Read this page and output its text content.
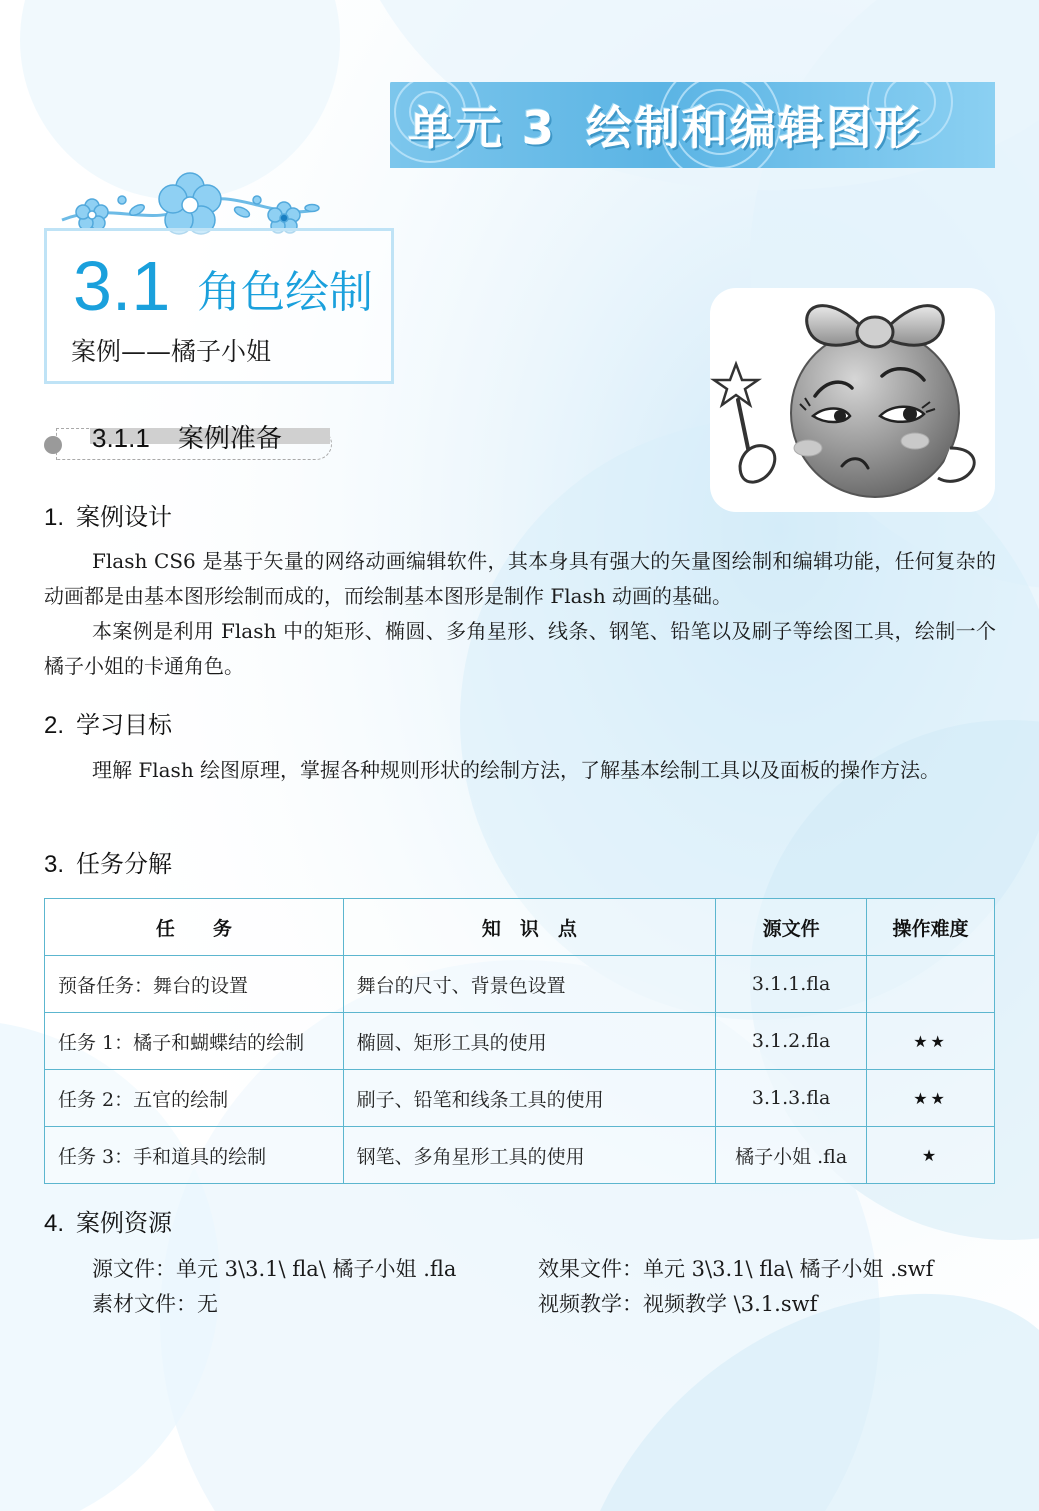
单元 3 绘制和编辑图形
3.1 角色绘制
案例——橘子小姐
3.1.1 案例准备
1. 案例设计
Flash CS6 是基于矢量的网络动画编辑软件，其本身具有强大的矢量图绘制和编辑功能，任何复杂的动画都是由基本图形绘制而成的，而绘制基本图形是制作 Flash 动画的基础。
本案例是利用 Flash 中的矩形、椭圆、多角星形、线条、钢笔、铅笔以及刷子等绘图工具，绘制一个橘子小姐的卡通角色。
2. 学习目标
理解 Flash 绘图原理，掌握各种规则形状的绘制方法，了解基本绘制工具以及面板的操作方法。
3. 任务分解
任　　务	知　识　点	源文件	操作难度
预备任务：舞台的设置	舞台的尺寸、背景色设置	3.1.1.fla	
任务 1：橘子和蝴蝶结的绘制	椭圆、矩形工具的使用	3.1.2.fla	★★
任务 2：五官的绘制	刷子、铅笔和线条工具的使用	3.1.3.fla	★★
任务 3：手和道具的绘制	钢笔、多角星形工具的使用	橘子小姐 .fla	★
4. 案例资源
源文件：单元 3\3.1\ fla\ 橘子小姐 .fla	效果文件：单元 3\3.1\ fla\ 橘子小姐 .swf
素材文件：无	视频教学：视频教学 \3.1.swf
